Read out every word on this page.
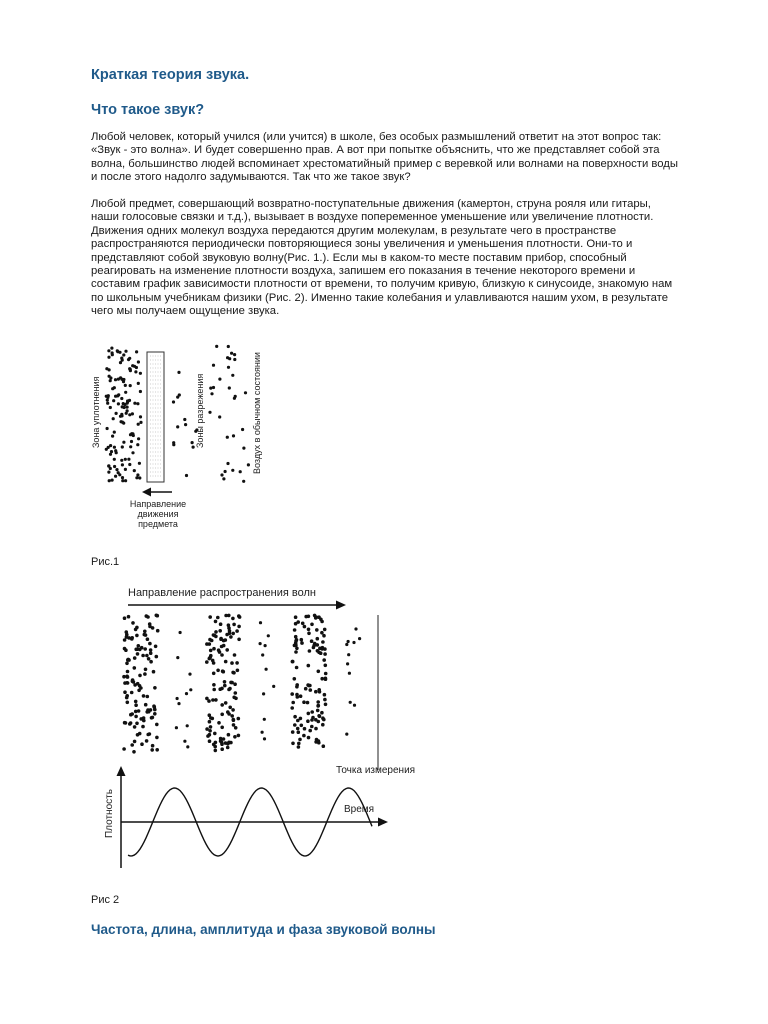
Краткая теория звука.
Что такое звук?

Любой человек, который учился (или учится) в школе, без особых размышлений ответит на этот вопрос так: «Звук - это волна». И будет совершенно прав. А вот при попытке объяснить, что же представляет собой эта волна, большинство людей вспоминает хрестоматийный пример с веревкой или волнами на поверхности воды и после этого надолго задумываются. Так что же такое звук?

Любой предмет, совершающий возвратно-поступательные движения (камертон, струна рояля или гитары, наши голосовые связки и т.д.), вызывает в воздухе попеременное уменьшение или увеличение плотности. Движения одних молекул воздуха передаются другим молекулам, в результате чего в пространстве распространяются периодически повторяющиеся зоны увеличения и уменьшения плотности. Они-то и представляют собой звуковую волну(Рис. 1.). Если мы в каком-то месте поставим прибор, способный реагировать на изменение плотности воздуха, запишем его показания в течение некоторого времени и составим график зависимости плотности от времени, то получим кривую, близкую к синусоиде, знакомую нам по школьным учебникам физики (Рис. 2). Именно такие колебания и улавливаются нашим ухом, в результате чего мы получаем ощущение звука.

Зона уплотнения	Зоны разрежения	Воздух в обычном состоянии
Направление
движения
предмета
Направление распространения волн
Точка измерения
Плотность	Время

Рис.1

Рис 2

Частота, длина, амплитуда и фаза звуковой волны
